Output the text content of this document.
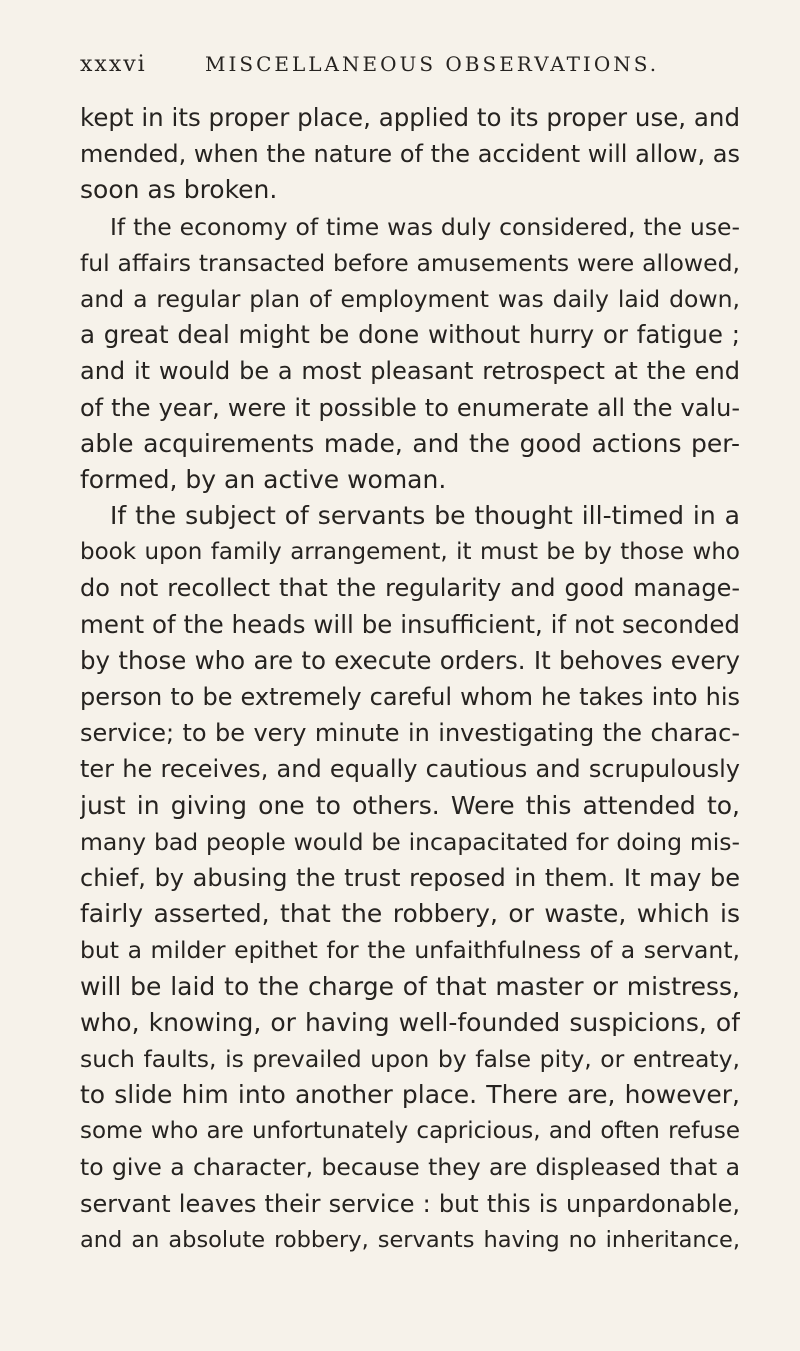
xxxvi	MISCELLANEOUS OBSERVATIONS.
kept in its proper place, applied to its proper use, and
mended, when the nature of the accident will allow, as
soon as broken.
If the economy of time was duly considered, the use-
ful affairs transacted before amusements were allowed,
and a regular plan of employment was daily laid down,
a great deal might be done without hurry or fatigue ;
and it would be a most pleasant retrospect at the end
of the year, were it possible to enumerate all the valu-
able acquirements made, and the good actions per-
formed, by an active woman.
If the subject of servants be thought ill-timed in a
book upon family arrangement, it must be by those who
do not recollect that the regularity and good manage-
ment of the heads will be insufficient, if not seconded
by those who are to execute orders. It behoves every
person to be extremely careful whom he takes into his
service; to be very minute in investigating the charac-
ter he receives, and equally cautious and scrupulously
just in giving one to others. Were this attended to,
many bad people would be incapacitated for doing mis-
chief, by abusing the trust reposed in them. It may be
fairly asserted, that the robbery, or waste, which is
but a milder epithet for the unfaithfulness of a servant,
will be laid to the charge of that master or mistress,
who, knowing, or having well-founded suspicions, of
such faults, is prevailed upon by false pity, or entreaty,
to slide him into another place. There are, however,
some who are unfortunately capricious, and often refuse
to give a character, because they are displeased that a
servant leaves their service : but this is unpardonable,
and an absolute robbery, servants having no inheritance,
